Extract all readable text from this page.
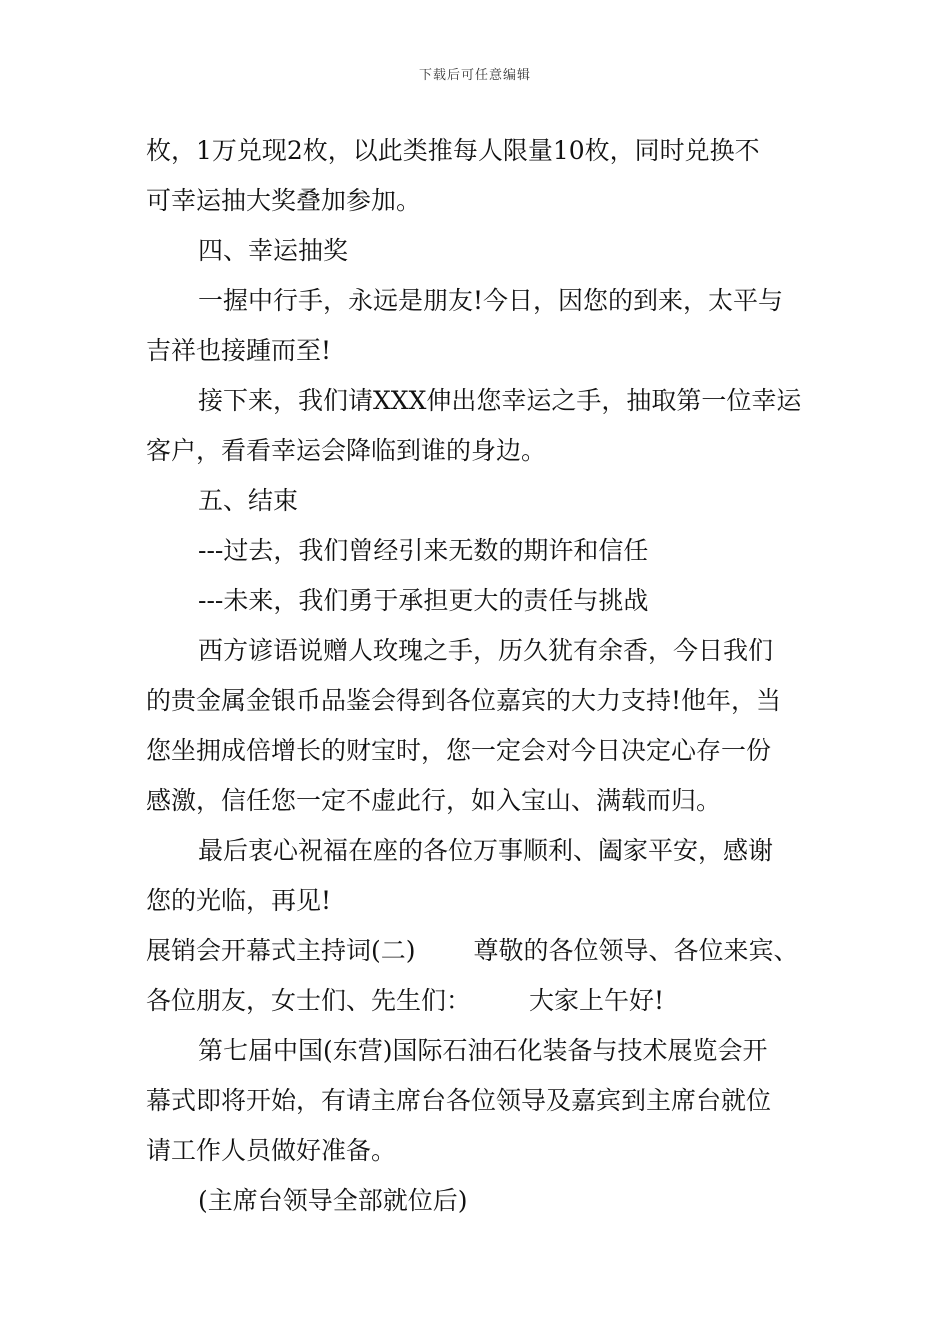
下载后可任意编辑

枚，1万兑现2枚，以此类推每人限量10枚，同时兑换不

可幸运抽大奖叠加参加。

四、幸运抽奖

一握中行手，永远是朋友!今日，因您的到来，太平与

吉祥也接踵而至!

接下来，我们请XXX伸出您幸运之手，抽取第一位幸运

客户，看看幸运会降临到谁的身边。

五、结束

---过去，我们曾经引来无数的期许和信任

---未来，我们勇于承担更大的责任与挑战

西方谚语说赠人玫瑰之手，历久犹有余香，今日我们

的贵金属金银币品鉴会得到各位嘉宾的大力支持!他年，当

您坐拥成倍增长的财宝时，您一定会对今日决定心存一份

感激，信任您一定不虚此行，如入宝山、满载而归。

最后衷心祝福在座的各位万事顺利、阖家平安，感谢

您的光临，再见!

展销会开幕式主持词(二) 尊敬的各位领导、各位来宾、

各位朋友，女士们、先生们： 大家上午好!

第七届中国(东营)国际石油石化装备与技术展览会开

幕式即将开始，有请主席台各位领导及嘉宾到主席台就位

请工作人员做好准备。

(主席台领导全部就位后)
